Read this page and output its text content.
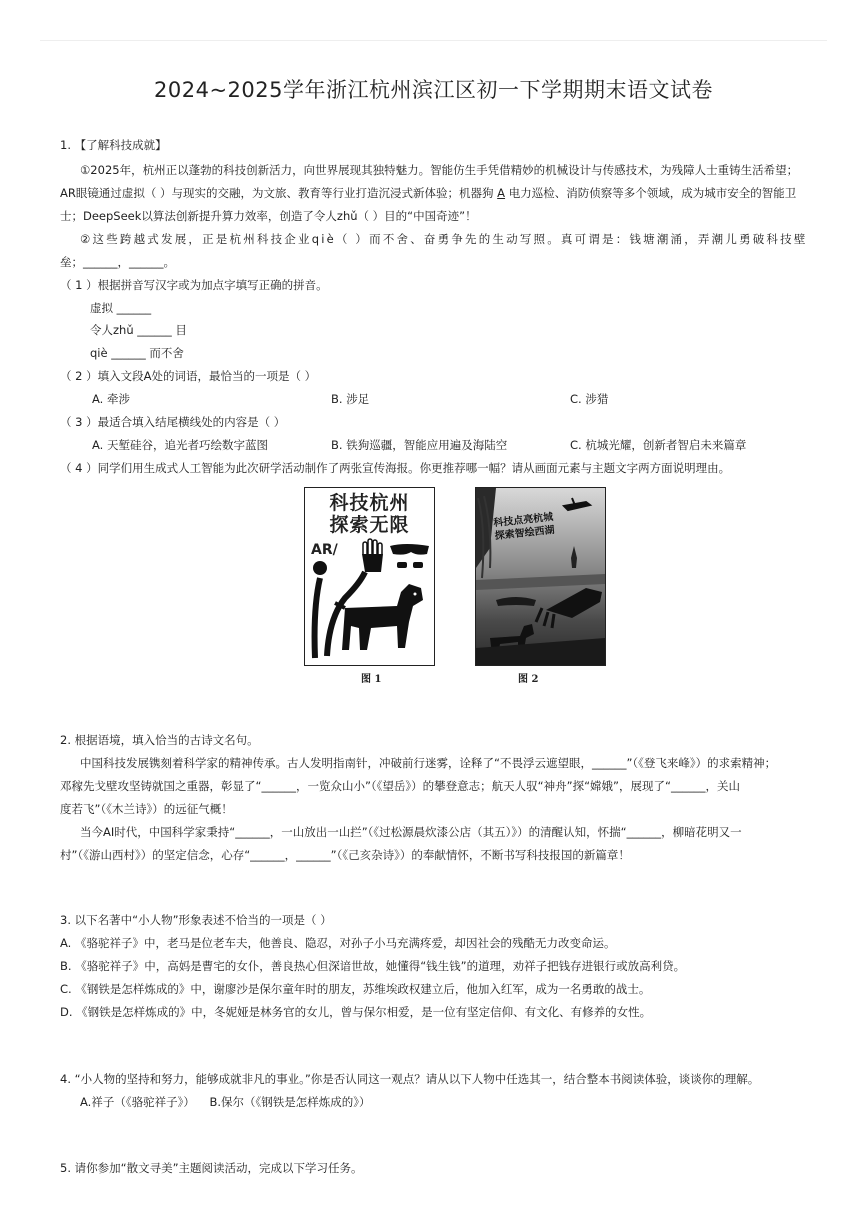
2024~2025学年浙江杭州滨江区初一下学期期末语文试卷
1. 【了解科技成就】
①2025年，杭州正以蓬勃的科技创新活力，向世界展现其独特魅力。智能仿生手凭借精妙的机械设计与传感技术，为残障人士重铸生活希望；
AR眼镜通过虚拟（ ）与现实的交融，为文旅、教育等行业打造沉浸式新体验；机器狗 A 电力巡检、消防侦察等多个领域，成为城市安全的智能卫
士；DeepSeek以算法创新提升算力效率，创造了令人zhǔ（ ）目的“中国奇迹”！
②这些跨越式发展，正是杭州科技企业qiè（ ）而不舍、奋勇争先的生动写照。真可谓是：钱塘潮涌，弄潮儿勇破科技壁
垒；______，______。
（ 1 ）根据拼音写汉字或为加点字填写正确的拼音。
虚拟 ______
令人zhǔ ______ 目
qiè ______ 而不舍
（ 2 ）填入文段A处的词语，最恰当的一项是（ ）
A. 牵涉	B. 涉足	C. 涉猎
（ 3 ）最适合填入结尾横线处的内容是（ ）
A. 天堑硅谷，追光者巧绘数字蓝图	B. 铁狗巡疆，智能应用遍及海陆空	C. 杭城光耀，创新者智启未来篇章
（ 4 ）同学们用生成式人工智能为此次研学活动制作了两张宣传海报。你更推荐哪一幅？请从画面元素与主题文字两方面说明理由。
科技杭州
探索无限
AR/
图 1
科技点亮杭城
探索智绘西湖
图 2
2. 根据语境，填入恰当的古诗文名句。
中国科技发展镌刻着科学家的精神传承。古人发明指南针，冲破前行迷雾，诠释了“不畏浮云遮望眼，______”（《登飞来峰》）的求索精神；
邓稼先戈壁攻坚铸就国之重器，彰显了“______，一览众山小”（《望岳》）的攀登意志；航天人驭“神舟”探“嫦娥”，展现了“______，关山
度若飞”（《木兰诗》）的远征气概！
当今AI时代，中国科学家秉持“______，一山放出一山拦”（《过松源晨炊漆公店（其五）》）的清醒认知，怀揣“______，柳暗花明又一
村”（《游山西村》）的坚定信念，心存“______，______”（《己亥杂诗》）的奉献情怀，不断书写科技报国的新篇章！
3. 以下名著中“小人物”形象表述不恰当的一项是（ ）
A. 《骆驼祥子》中，老马是位老车夫，他善良、隐忍，对孙子小马充满疼爱，却因社会的残酷无力改变命运。
B. 《骆驼祥子》中，高妈是曹宅的女仆，善良热心但深谙世故，她懂得“钱生钱”的道理，劝祥子把钱存进银行或放高利贷。
C. 《钢铁是怎样炼成的》中，谢廖沙是保尔童年时的朋友，苏维埃政权建立后，他加入红军，成为一名勇敢的战士。
D. 《钢铁是怎样炼成的》中，冬妮娅是林务官的女儿，曾与保尔相爱，是一位有坚定信仰、有文化、有修养的女性。
4. “小人物的坚持和努力，能够成就非凡的事业。”你是否认同这一观点？请从以下人物中任选其一，结合整本书阅读体验，谈谈你的理解。
A.祥子（《骆驼祥子》）    B.保尔（《钢铁是怎样炼成的》）
5. 请你参加“散文寻美”主题阅读活动，完成以下学习任务。
